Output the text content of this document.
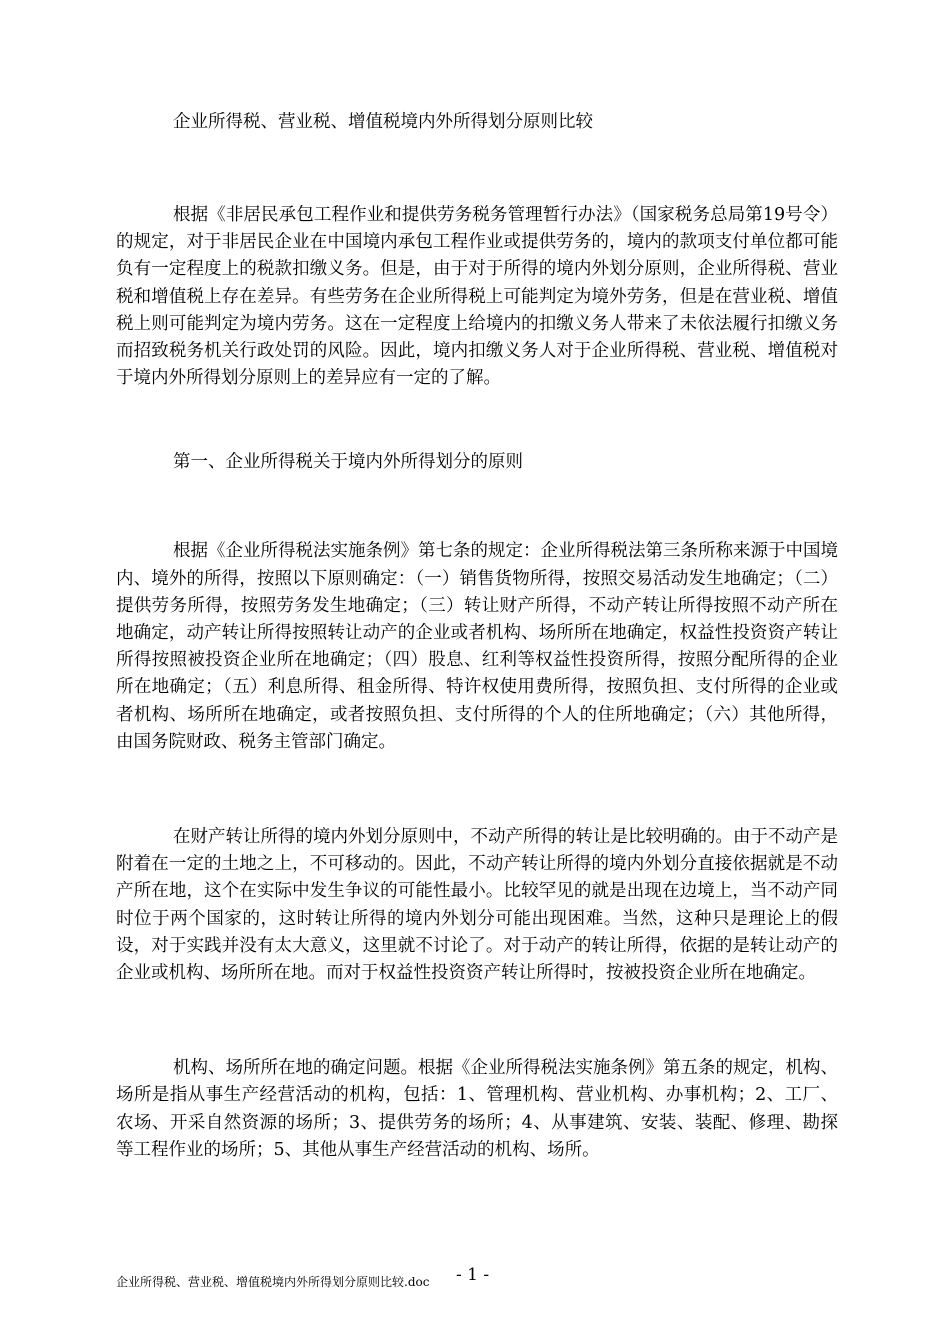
企业所得税、营业税、增值税境内外所得划分原则比较

根据《非居民承包工程作业和提供劳务税务管理暂行办法》（国家税务总局第19号令）的规定，对于非居民企业在中国境内承包工程作业或提供劳务的，境内的款项支付单位都可能负有一定程度上的税款扣缴义务。但是，由于对于所得的境内外划分原则，企业所得税、营业税和增值税上存在差异。有些劳务在企业所得税上可能判定为境外劳务，但是在营业税、增值税上则可能判定为境内劳务。这在一定程度上给境内的扣缴义务人带来了未依法履行扣缴义务而招致税务机关行政处罚的风险。因此，境内扣缴义务人对于企业所得税、营业税、增值税对于境内外所得划分原则上的差异应有一定的了解。

第一、企业所得税关于境内外所得划分的原则

根据《企业所得税法实施条例》第七条的规定：企业所得税法第三条所称来源于中国境内、境外的所得，按照以下原则确定：（一）销售货物所得，按照交易活动发生地确定；（二）提供劳务所得，按照劳务发生地确定；（三）转让财产所得，不动产转让所得按照不动产所在地确定，动产转让所得按照转让动产的企业或者机构、场所所在地确定，权益性投资资产转让所得按照被投资企业所在地确定；（四）股息、红利等权益性投资所得，按照分配所得的企业所在地确定；（五）利息所得、租金所得、特许权使用费所得，按照负担、支付所得的企业或者机构、场所所在地确定，或者按照负担、支付所得的个人的住所地确定；（六）其他所得，由国务院财政、税务主管部门确定。

在财产转让所得的境内外划分原则中，不动产所得的转让是比较明确的。由于不动产是附着在一定的土地之上，不可移动的。因此，不动产转让所得的境内外划分直接依据就是不动产所在地，这个在实际中发生争议的可能性最小。比较罕见的就是出现在边境上，当不动产同时位于两个国家的，这时转让所得的境内外划分可能出现困难。当然，这种只是理论上的假设，对于实践并没有太大意义，这里就不讨论了。对于动产的转让所得，依据的是转让动产的企业或机构、场所所在地。而对于权益性投资资产转让所得时，按被投资企业所在地确定。

机构、场所所在地的确定问题。根据《企业所得税法实施条例》第五条的规定，机构、场所是指从事生产经营活动的机构，包括：1、管理机构、营业机构、办事机构；2、工厂、农场、开采自然资源的场所；3、提供劳务的场所；4、从事建筑、安装、装配、修理、勘探等工程作业的场所；5、其他从事生产经营活动的机构、场所。

企业所得税、营业税、增值税境内外所得划分原则比较.doc - 1 -
